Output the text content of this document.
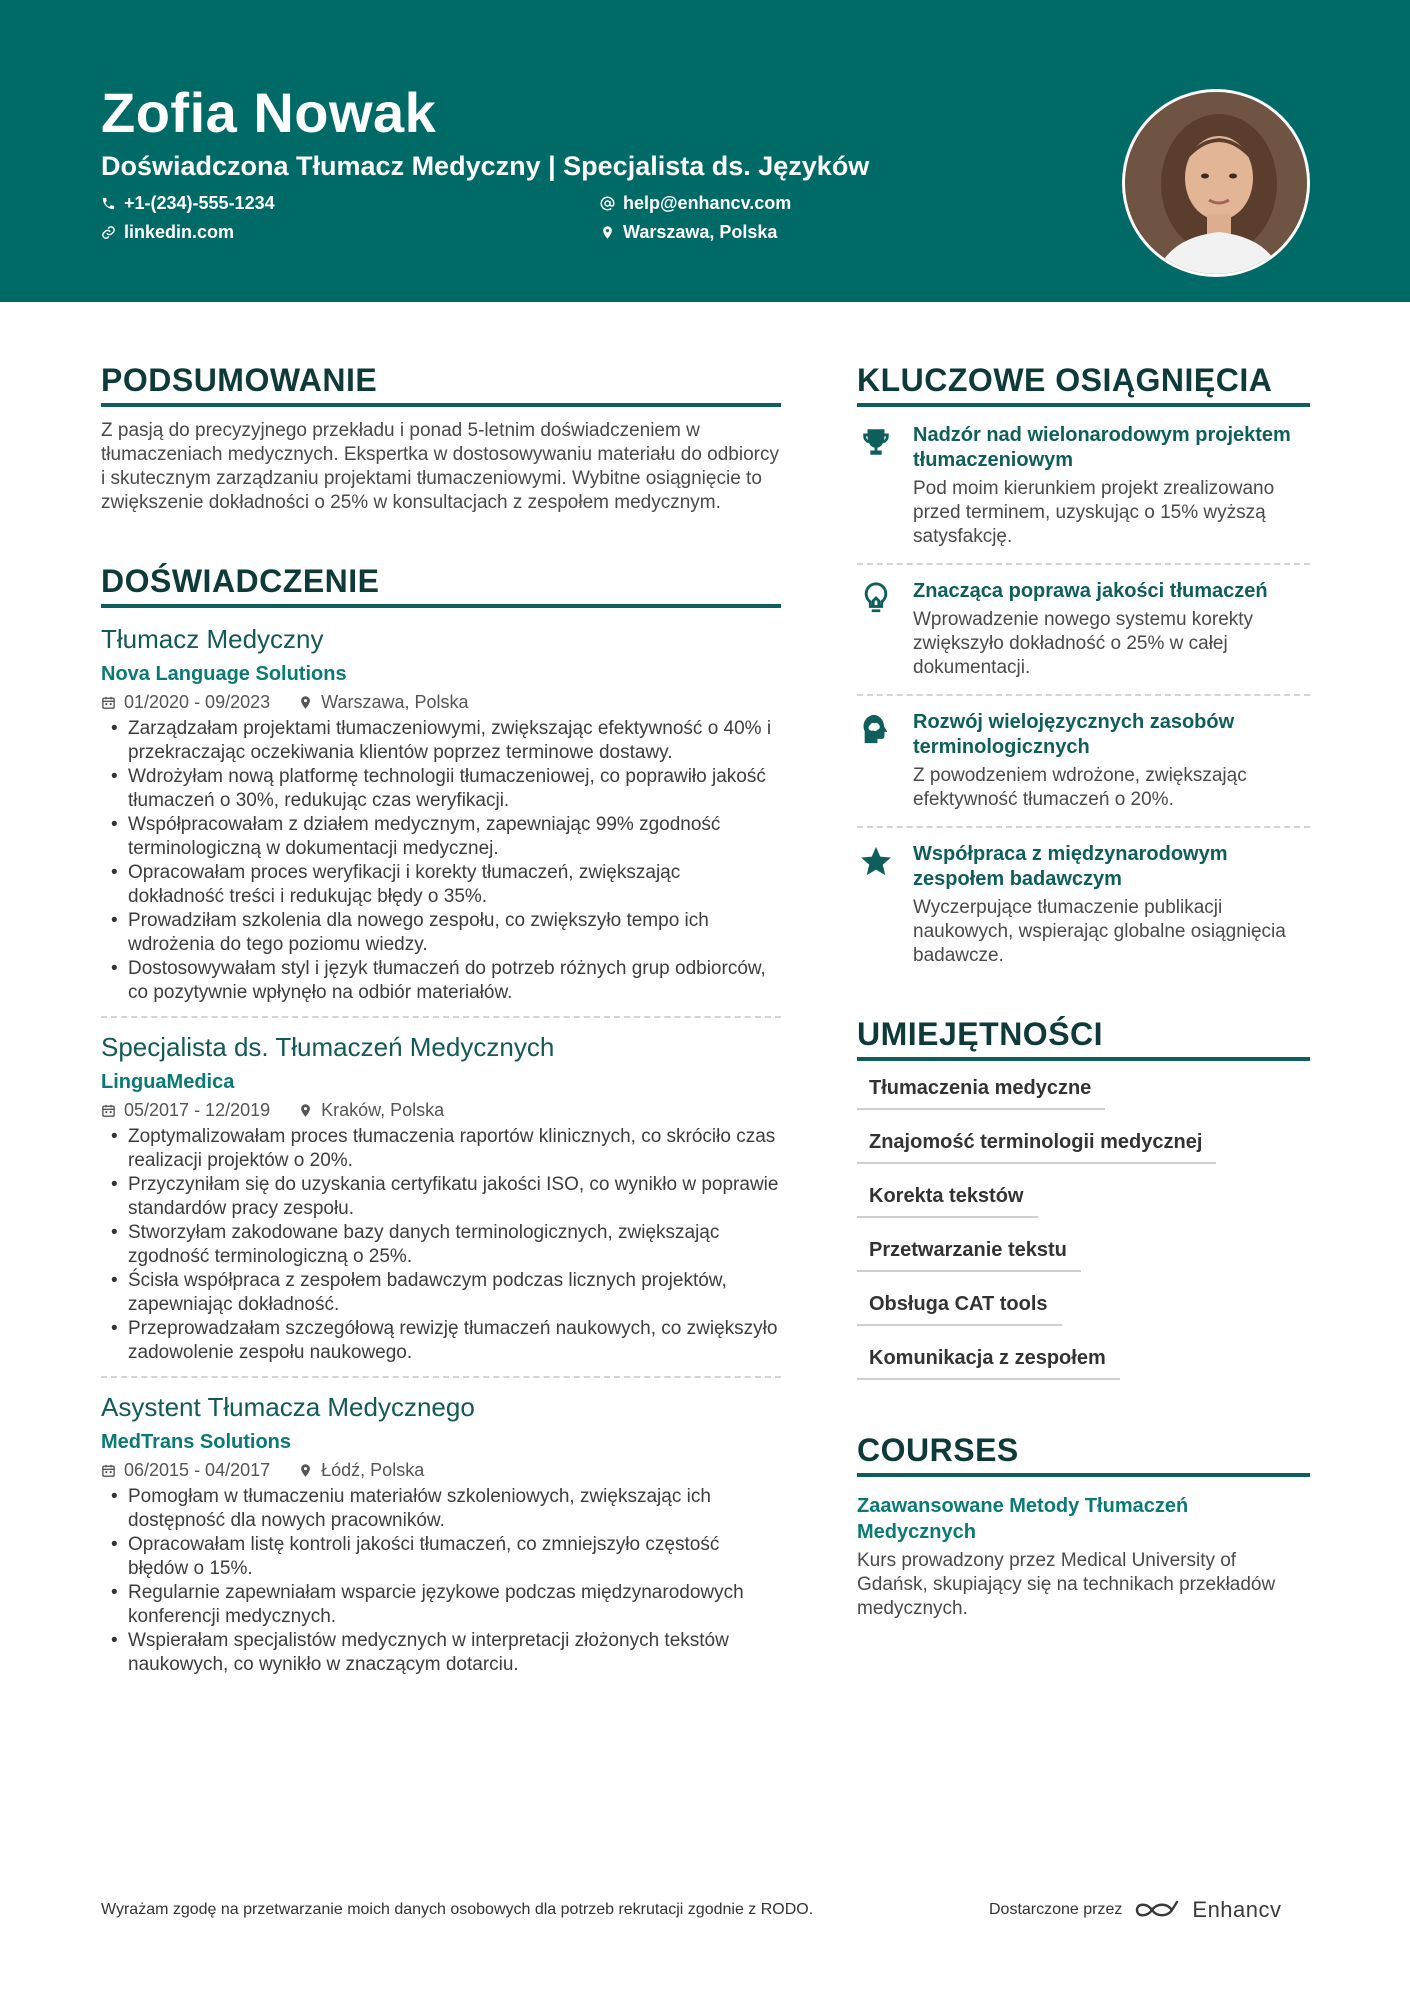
Zofia Nowak
Doświadczona Tłumacz Medyczny | Specjalista ds. Języków
+1-(234)-555-1234	help@enhancv.com
linkedin.com	Warszawa, Polska
PODSUMOWANIE

Z pasją do precyzyjnego przekładu i ponad 5-letnim doświadczeniem w tłumaczeniach medycznych. Ekspertka w dostosowywaniu materiału do odbiorcy i skutecznym zarządzaniu projektami tłumaczeniowymi. Wybitne osiągnięcie to zwiększenie dokładności o 25% w konsultacjach z zespołem medycznym.

DOŚWIADCZENIE
Tłumacz Medyczny
Nova Language Solutions
01/2020 - 09/2023	Warszawa, Polska
• Zarządzałam projektami tłumaczeniowymi, zwiększając efektywność o 40% i przekraczając oczekiwania klientów poprzez terminowe dostawy.
• Wdrożyłam nową platformę technologii tłumaczeniowej, co poprawiło jakość tłumaczeń o 30%, redukując czas weryfikacji.
• Współpracowałam z działem medycznym, zapewniając 99% zgodność terminologiczną w dokumentacji medycznej.
• Opracowałam proces weryfikacji i korekty tłumaczeń, zwiększając dokładność treści i redukując błędy o 35%.
• Prowadziłam szkolenia dla nowego zespołu, co zwiększyło tempo ich wdrożenia do tego poziomu wiedzy.
• Dostosowywałam styl i język tłumaczeń do potrzeb różnych grup odbiorców, co pozytywnie wpłynęło na odbiór materiałów.
Specjalista ds. Tłumaczeń Medycznych
LinguaMedica
05/2017 - 12/2019	Kraków, Polska
• Zoptymalizowałam proces tłumaczenia raportów klinicznych, co skróciło czas realizacji projektów o 20%.
• Przyczyniłam się do uzyskania certyfikatu jakości ISO, co wynikło w poprawie standardów pracy zespołu.
• Stworzyłam zakodowane bazy danych terminologicznych, zwiększając zgodność terminologiczną o 25%.
• Ścisła współpraca z zespołem badawczym podczas licznych projektów, zapewniając dokładność.
• Przeprowadzałam szczegółową rewizję tłumaczeń naukowych, co zwiększyło zadowolenie zespołu naukowego.
Asystent Tłumacza Medycznego
MedTrans Solutions
06/2015 - 04/2017	Łódź, Polska
• Pomogłam w tłumaczeniu materiałów szkoleniowych, zwiększając ich dostępność dla nowych pracowników.
• Opracowałam listę kontroli jakości tłumaczeń, co zmniejszyło częstość błędów o 15%.
• Regularnie zapewniałam wsparcie językowe podczas międzynarodowych konferencji medycznych.
• Wspierałam specjalistów medycznych w interpretacji złożonych tekstów naukowych, co wynikło w znaczącym dotarciu.
KLUCZOWE OSIĄGNIĘCIA
Nadzór nad wielonarodowym projektem tłumaczeniowym
Pod moim kierunkiem projekt zrealizowano przed terminem, uzyskując o 15% wyższą satysfakcję.
Znacząca poprawa jakości tłumaczeń
Wprowadzenie nowego systemu korekty zwiększyło dokładność o 25% w całej dokumentacji.
Rozwój wielojęzycznych zasobów terminologicznych
Z powodzeniem wdrożone, zwiększając efektywność tłumaczeń o 20%.
Współpraca z międzynarodowym zespołem badawczym
Wyczerpujące tłumaczenie publikacji naukowych, wspierając globalne osiągnięcia badawcze.
UMIEJĘTNOŚCI
Tłumaczenia medyczne
Znajomość terminologii medycznej
Korekta tekstów
Przetwarzanie tekstu
Obsługa CAT tools
Komunikacja z zespołem
COURSES
Zaawansowane Metody Tłumaczeń Medycznych
Kurs prowadzony przez Medical University of Gdańsk, skupiający się na technikach przekładów medycznych.
Wyrażam zgodę na przetwarzanie moich danych osobowych dla potrzeb rekrutacji zgodnie z RODO.	Dostarczone przez	Enhancv
